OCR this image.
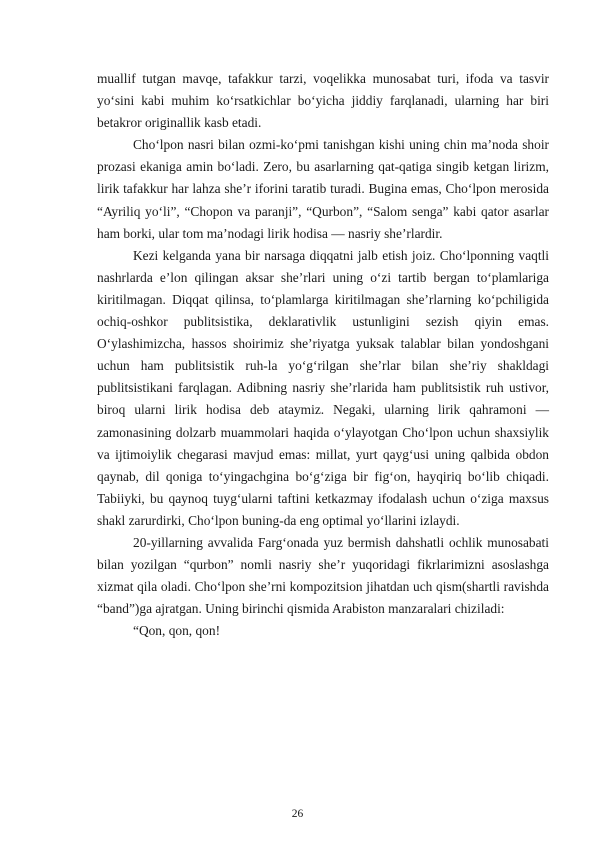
muallif tutgan mavqe, tafakkur tarzi, voqelikka munosabat turi, ifoda va tasvir yo‘sini kabi muhim ko‘rsatkichlar bo‘yicha jiddiy farqlanadi, ularning har biri betakror originallik kasb etadi.

Cho‘lpon nasri bilan ozmi-ko‘pmi tanishgan kishi uning chin ma’noda shoir prozasi ekaniga amin bo‘ladi. Zero, bu asarlarning qat-qatiga singib ketgan lirizm, lirik tafakkur har lahza she’r iforini taratib turadi. Bugina emas, Cho‘lpon merosida “Ayriliq yo‘li”, “Chopon va paranji”, “Qurbon”, “Salom senga” kabi qator asarlar ham borki, ular tom ma’nodagi lirik hodisa — nasriy she’rlardir.

Kezi kelganda yana bir narsaga diqqatni jalb etish joiz. Cho‘lponning vaqtli nashrlarda e’lon qilingan aksar she’rlari uning o‘zi tartib bergan to‘plamlariga kiritilmagan. Diqqat qilinsa, to‘plamlarga kiritilmagan she’rlarning ko‘pchiligida ochiq-oshkor publitsistika, deklarativlik ustunligini sezish qiyin emas. O‘ylashimizcha, hassos shoirimiz she’riyatga yuksak talablar bilan yondoshgani uchun ham publitsistik ruh-la yo‘g‘rilgan she’rlar bilan she’riy shakldagi publitsistikani farqlagan. Adibning nasriy she’rlarida ham publitsistik ruh ustivor, biroq ularni lirik hodisa deb ataymiz. Negaki, ularning lirik qahramoni — zamonasining dolzarb muammolari haqida o‘ylayotgan Cho‘lpon uchun shaxsiylik va ijtimoiylik chegarasi mavjud emas: millat, yurt qayg‘usi uning qalbida obdon qaynab, dil qoniga to‘yingachgina bo‘g‘ziga bir fig‘on, hayqiriq bo‘lib chiqadi. Tabiiyki, bu qaynoq tuyg‘ularni taftini ketkazmay ifodalash uchun o‘ziga maxsus shakl zarurdirki, Cho‘lpon buning-da eng optimal yo‘llarini izlaydi.

20-yillarning avvalida Farg‘onada yuz bermish dahshatli ochlik munosabati bilan yozilgan “qurbon” nomli nasriy she’r yuqoridagi fikrlarimizni asoslashga xizmat qila oladi. Cho‘lpon she’rni kompozitsion jihatdan uch qism(shartli ravishda “band”)ga ajratgan. Uning birinchi qismida Arabiston manzaralari chiziladi:

“Qon, qon, qon!

26
